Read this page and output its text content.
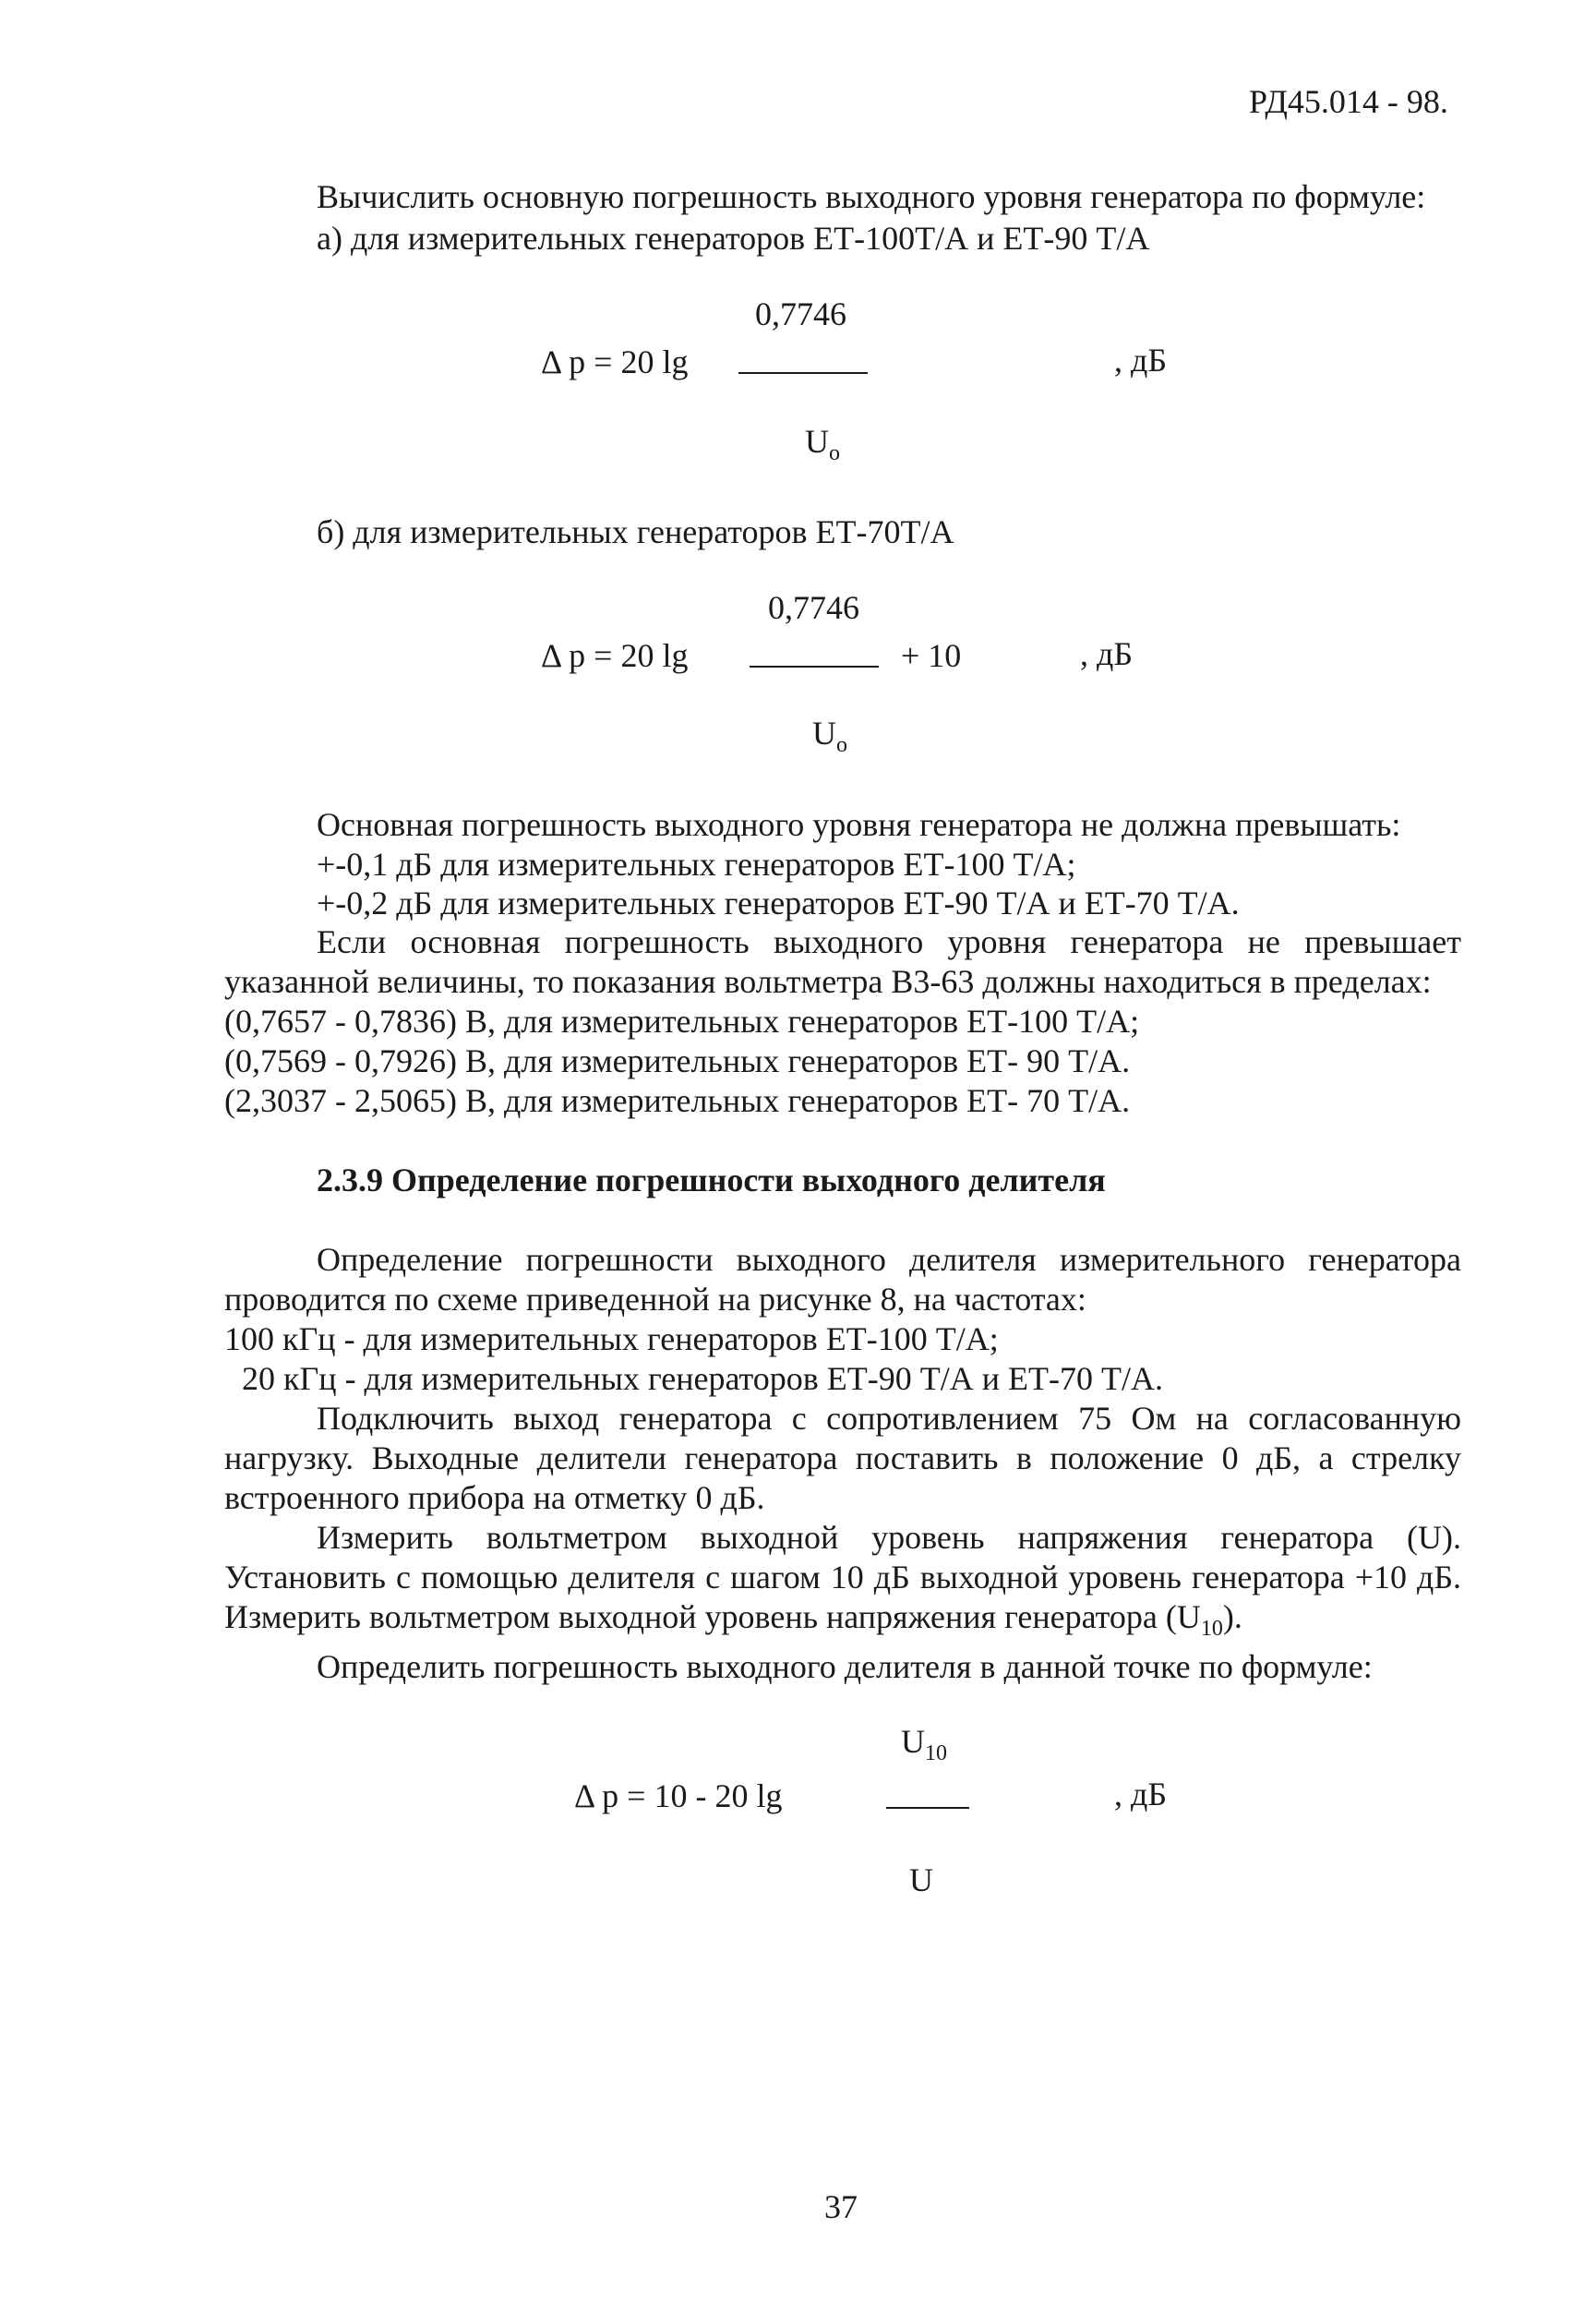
РД45.014 - 98.
Вычислить основную погрешность выходного уровня генератора по формуле:
а) для измерительных генераторов ЕТ-100Т/А и ЕТ-90 Т/А
0,7746
Δ p = 20 lg	, дБ
$U_о$
б) для измерительных генераторов ЕТ-70Т/А
0,7746
Δ p = 20 lg	+ 10	, дБ
$U_о$
Основная погрешность выходного уровня генератора не должна превышать:
+-0,1 дБ для измерительных генераторов ЕТ-100 Т/А;
+-0,2 дБ для измерительных генераторов ЕТ-90 Т/А и ЕТ-70 Т/А.
Если основная погрешность выходного уровня генератора не превышает
указанной величины, то показания вольтметра В3-63 должны находиться в пределах:
(0,7657 - 0,7836) В, для измерительных генераторов ЕТ-100 Т/А;
(0,7569 - 0,7926) В, для измерительных генераторов ЕТ- 90 Т/А.
(2,3037 - 2,5065) В, для измерительных генераторов ЕТ- 70 Т/А.
2.3.9 Определение погрешности выходного делителя
Определение погрешности выходного делителя измерительного генератора
проводится по схеме приведенной на рисунке 8, на частотах:
100 кГц - для измерительных генераторов ЕТ-100 Т/А;
20 кГц - для измерительных генераторов ЕТ-90 Т/А и ЕТ-70 Т/А.
Подключить выход генератора с сопротивлением 75 Ом на согласованную
нагрузку. Выходные делители генератора поставить в положение 0 дБ, а стрелку
встроенного прибора на отметку 0 дБ.
Измерить вольтметром выходной уровень напряжения генератора (U).
Установить с помощью делителя с шагом 10 дБ выходной уровень генератора +10 дБ.
Измерить вольтметром выходной уровень напряжения генератора $(U_{10})$.
Определить погрешность выходного делителя в данной точке по формуле:
$U_{10}$
Δ p = 10 - 20 lg	, дБ
U
37
